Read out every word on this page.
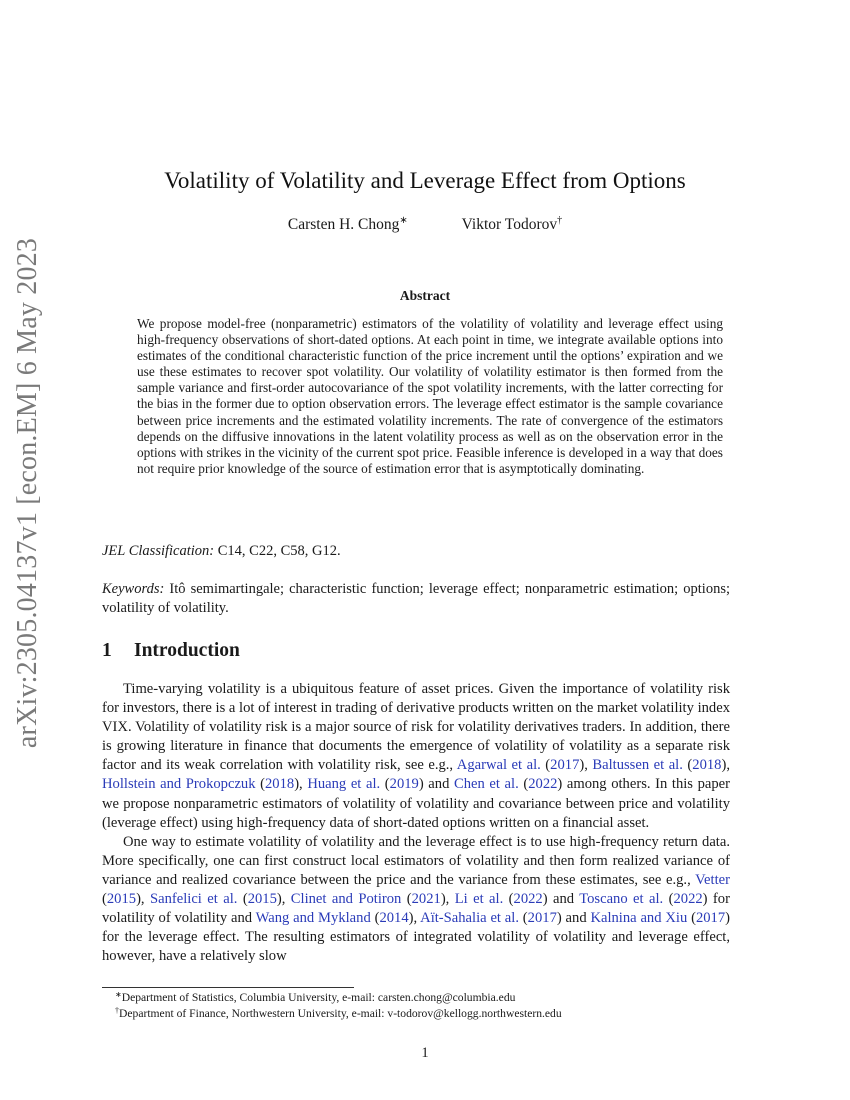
arXiv:2305.04137v1 [econ.EM] 6 May 2023
Volatility of Volatility and Leverage Effect from Options
Carsten H. Chong∗	Viktor Todorov†
Abstract
We propose model-free (nonparametric) estimators of the volatility of volatility and leverage effect using high-frequency observations of short-dated options. At each point in time, we integrate available options into estimates of the conditional characteristic function of the price increment until the options’ expiration and we use these estimates to recover spot volatility. Our volatility of volatility estimator is then formed from the sample variance and first-order autocovariance of the spot volatility increments, with the latter correcting for the bias in the former due to option observation errors. The leverage effect estimator is the sample covariance between price increments and the estimated volatility increments. The rate of convergence of the estimators depends on the diffusive innovations in the latent volatility process as well as on the observation error in the options with strikes in the vicinity of the current spot price. Feasible inference is developed in a way that does not require prior knowledge of the source of estimation error that is asymptotically dominating.
JEL Classification: C14, C22, C58, G12.
Keywords: Itô semimartingale; characteristic function; leverage effect; nonparametric estimation; options; volatility of volatility.
1 Introduction

Time-varying volatility is a ubiquitous feature of asset prices. Given the importance of volatility risk for investors, there is a lot of interest in trading of derivative products written on the market volatility index VIX. Volatility of volatility risk is a major source of risk for volatility derivatives traders. In addition, there is growing literature in finance that documents the emergence of volatility of volatility as a separate risk factor and its weak correlation with volatility risk, see e.g., Agarwal et al. (2017), Baltussen et al. (2018), Hollstein and Prokopczuk (2018), Huang et al. (2019) and Chen et al. (2022) among others. In this paper we propose nonparametric estimators of volatility of volatility and covariance between price and volatility (leverage effect) using high-frequency data of short-dated options written on a financial asset.

One way to estimate volatility of volatility and the leverage effect is to use high-frequency return data. More specifically, one can first construct local estimators of volatility and then form realized variance of variance and realized covariance between the price and the variance from these estimates, see e.g., Vetter (2015), Sanfelici et al. (2015), Clinet and Potiron (2021), Li et al. (2022) and Toscano et al. (2022) for volatility of volatility and Wang and Mykland (2014), Aït-Sahalia et al. (2017) and Kalnina and Xiu (2017) for the leverage effect. The resulting estimators of integrated volatility of volatility and leverage effect, however, have a relatively slow

∗Department of Statistics, Columbia University, e-mail: carsten.chong@columbia.edu
†Department of Finance, Northwestern University, e-mail: v-todorov@kellogg.northwestern.edu
1
